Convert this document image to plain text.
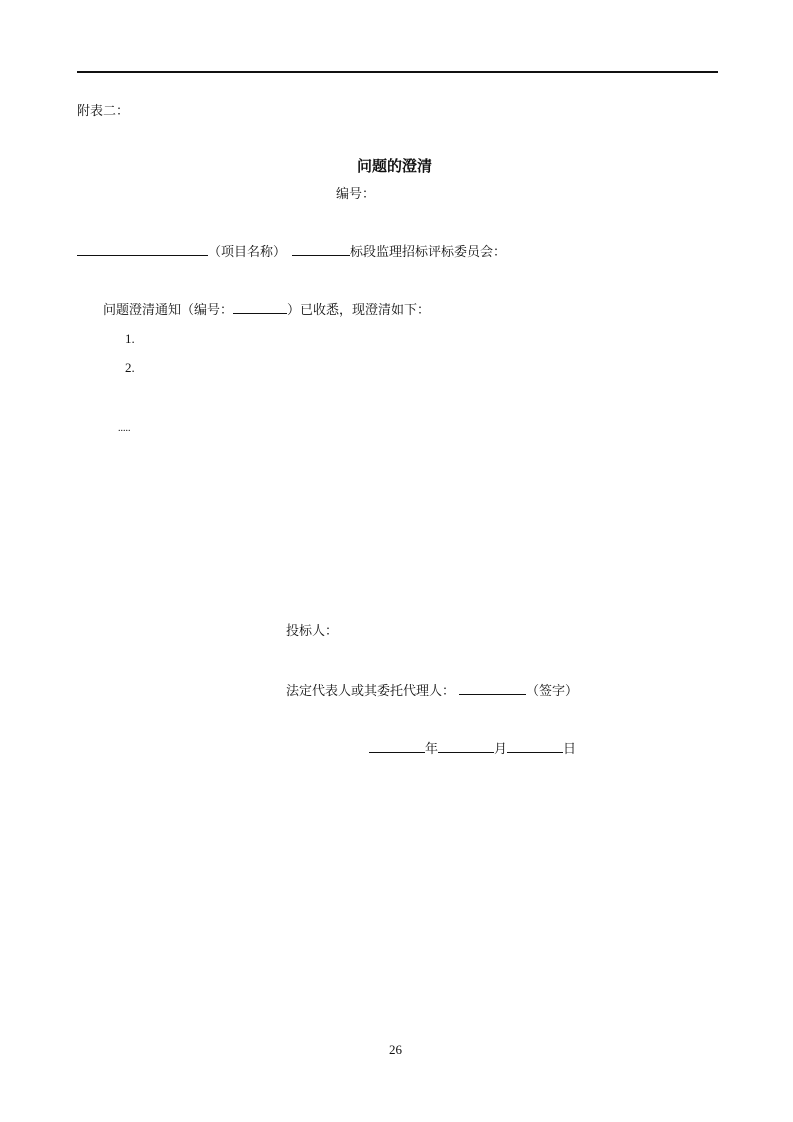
附表二：
问题的澄清
编号：
（项目名称）	标段监理招标评标委员会：
问题澄清通知（编号：	）已收悉，现澄清如下：
1.
2.
.....
投标人：
法定代表人或其委托代理人：	（签字）
年	月	日
26
